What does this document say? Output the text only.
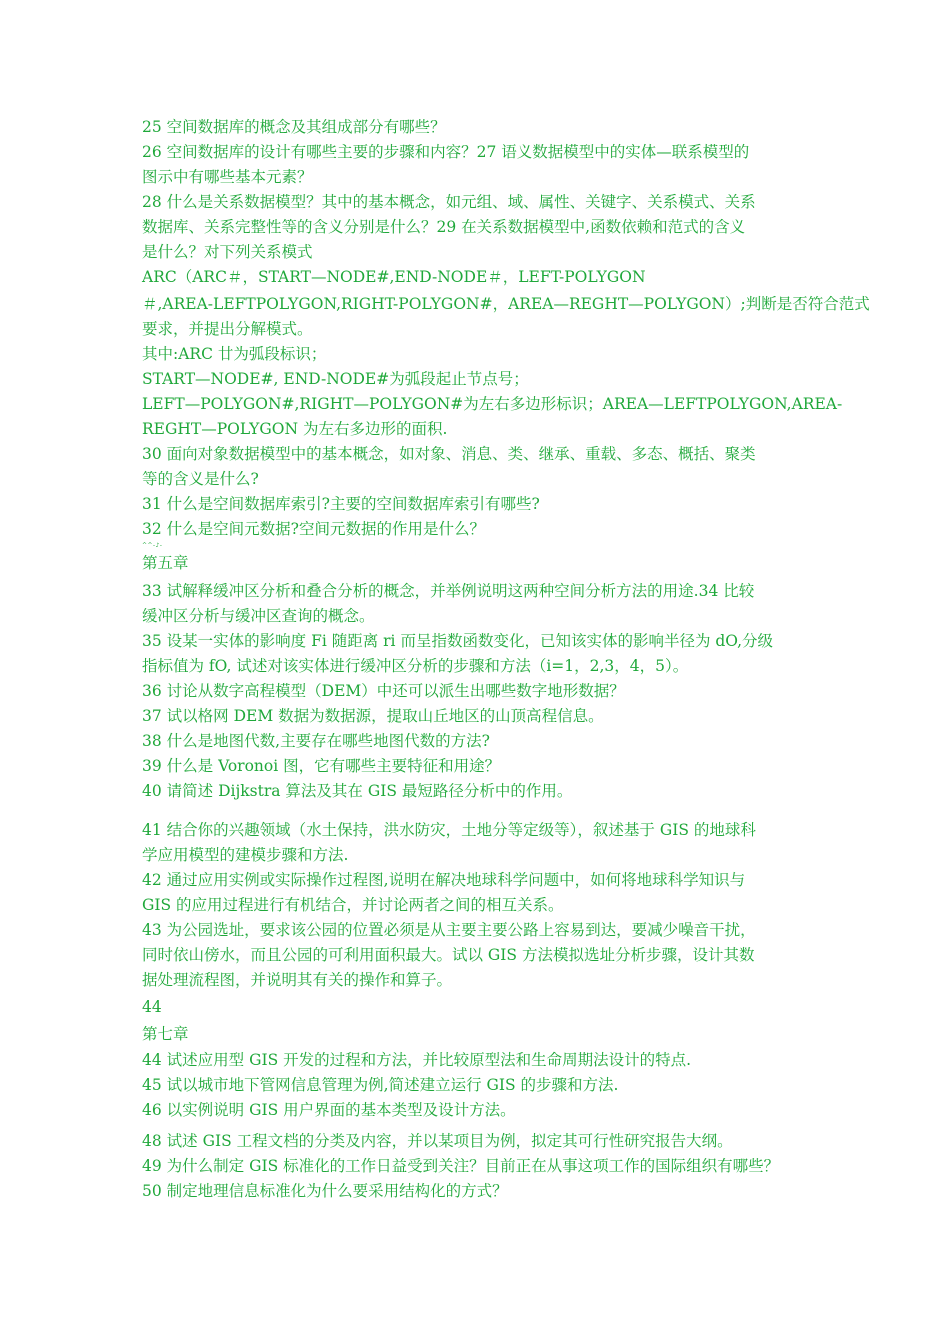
25 空间数据库的概念及其组成部分有哪些？
26 空间数据库的设计有哪些主要的步骤和内容？27 语义数据模型中的实体—联系模型的
图示中有哪些基本元素？
28 什么是关系数据模型？其中的基本概念，如元组、域、属性、关键字、关系模式、关系
数据库、关系完整性等的含义分别是什么？29 在关系数据模型中,函数依赖和范式的含义
是什么？对下列关系模式
ARC（ARC＃，START—NODE#,END-NODE＃，LEFT-POLYGON
＃,AREA-LEFTPOLYGON,RIGHT-POLYGON#，AREA—REGHT—POLYGON）;判断是否符合范式
要求，并提出分解模式。
其中:ARC 廿为弧段标识；
START—NODE#, END-NODE#为弧段起止节点号；
LEFT—POLYGON#,RIGHT—POLYGON#为左右多边形标识；AREA—LEFTPOLYGON,AREA-
REGHT—POLYGON 为左右多边形的面积.
30 面向对象数据模型中的基本概念，如对象、消息、类、继承、重载、多态、概括、聚类
等的含义是什么?
31 什么是空间数据库索引?主要的空间数据库索引有哪些?
32 什么是空间元数据?空间元数据的作用是什么？
^^-♪-
第五章
33 试解释缓冲区分析和叠合分析的概念，并举例说明这两种空间分析方法的用途.34 比较
缓冲区分析与缓冲区查询的概念。
35 设某一实体的影响度 Fi 随距离 ri 而呈指数函数变化，已知该实体的影响半径为 dO,分级
指标值为 fO, 试述对该实体进行缓冲区分析的步骤和方法（i=1，2,3，4，5）。
36 讨论从数字高程模型（DEM）中还可以派生出哪些数字地形数据？
37 试以格网 DEM 数据为数据源，提取山丘地区的山顶高程信息。
38 什么是地图代数,主要存在哪些地图代数的方法?
39 什么是 Voronoi 图，它有哪些主要特征和用途？
40 请简述 Dijkstra 算法及其在 GIS 最短路径分析中的作用。
41 结合你的兴趣领域（水土保持，洪水防灾，土地分等定级等），叙述基于 GIS 的地球科
学应用模型的建模步骤和方法.
42 通过应用实例或实际操作过程图,说明在解决地球科学问题中，如何将地球科学知识与
GIS 的应用过程进行有机结合，并讨论两者之间的相互关系。
43 为公园选址，要求该公园的位置必须是从主要主要公路上容易到达，要减少噪音干扰，
同时依山傍水，而且公园的可利用面积最大。试以 GIS 方法模拟选址分析步骤，设计其数
据处理流程图，并说明其有关的操作和算子。
44
第七章
44 试述应用型 GIS 开发的过程和方法，并比较原型法和生命周期法设计的特点.
45 试以城市地下管网信息管理为例,简述建立运行 GIS 的步骤和方法.
46 以实例说明 GIS 用户界面的基本类型及设计方法。
48 试述 GIS 工程文档的分类及内容，并以某项目为例，拟定其可行性研究报告大纲。
49 为什么制定 GIS 标准化的工作日益受到关注？目前正在从事这项工作的国际组织有哪些？
50 制定地理信息标准化为什么要采用结构化的方式？
